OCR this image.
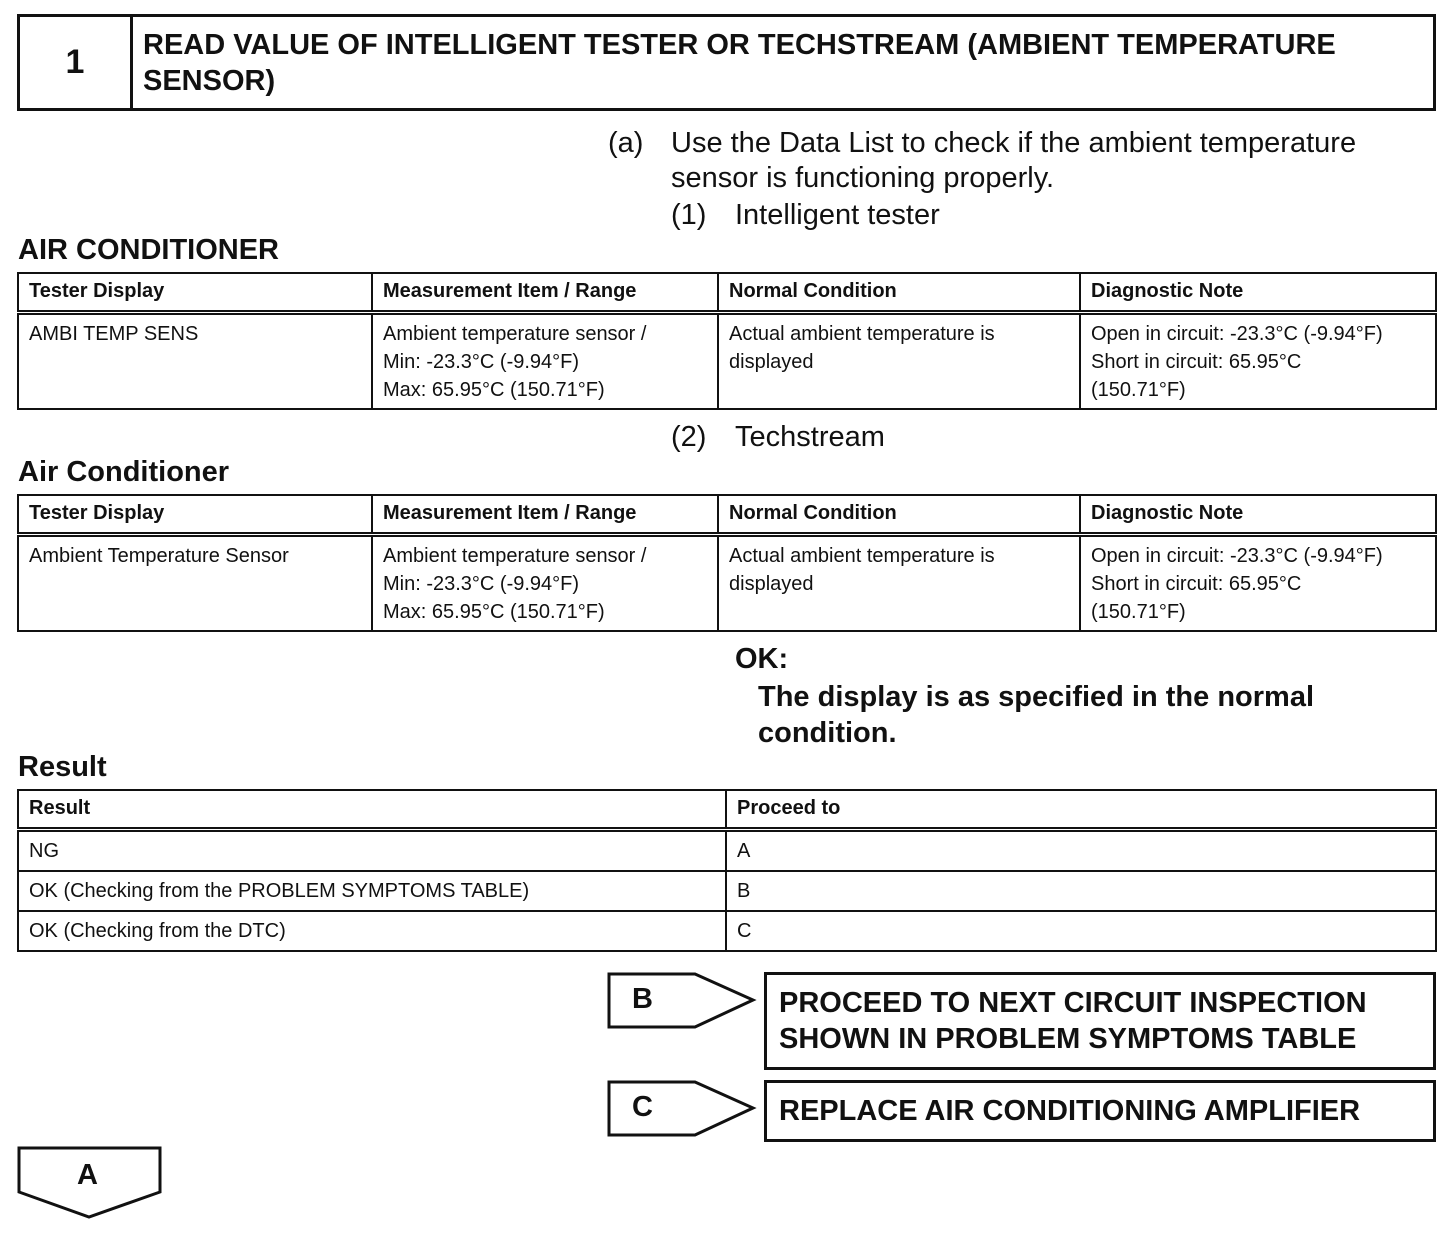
1	READ VALUE OF INTELLIGENT TESTER OR TECHSTREAM (AMBIENT TEMPERATURE SENSOR)
(a) Use the Data List to check if the ambient temperature sensor is functioning properly.
(1) Intelligent tester
AIR CONDITIONER
Tester Display	Measurement Item / Range	Normal Condition	Diagnostic Note
AMBI TEMP SENS	Ambient temperature sensor /
Min: -23.3°C (-9.94°F)
Max: 65.95°C (150.71°F)	Actual ambient temperature is
displayed	Open in circuit: -23.3°C (-9.94°F)
Short in circuit: 65.95°C
(150.71°F)
(2) Techstream
Air Conditioner
Tester Display	Measurement Item / Range	Normal Condition	Diagnostic Note
Ambient Temperature Sensor	Ambient temperature sensor /
Min: -23.3°C (-9.94°F)
Max: 65.95°C (150.71°F)	Actual ambient temperature is
displayed	Open in circuit: -23.3°C (-9.94°F)
Short in circuit: 65.95°C
(150.71°F)
OK:
The display is as specified in the normal condition.
Result
Result	Proceed to
NG	A
OK (Checking from the PROBLEM SYMPTOMS TABLE)	B
OK (Checking from the DTC)	C
B	PROCEED TO NEXT CIRCUIT INSPECTION SHOWN IN PROBLEM SYMPTOMS TABLE
C	REPLACE AIR CONDITIONING AMPLIFIER
A
